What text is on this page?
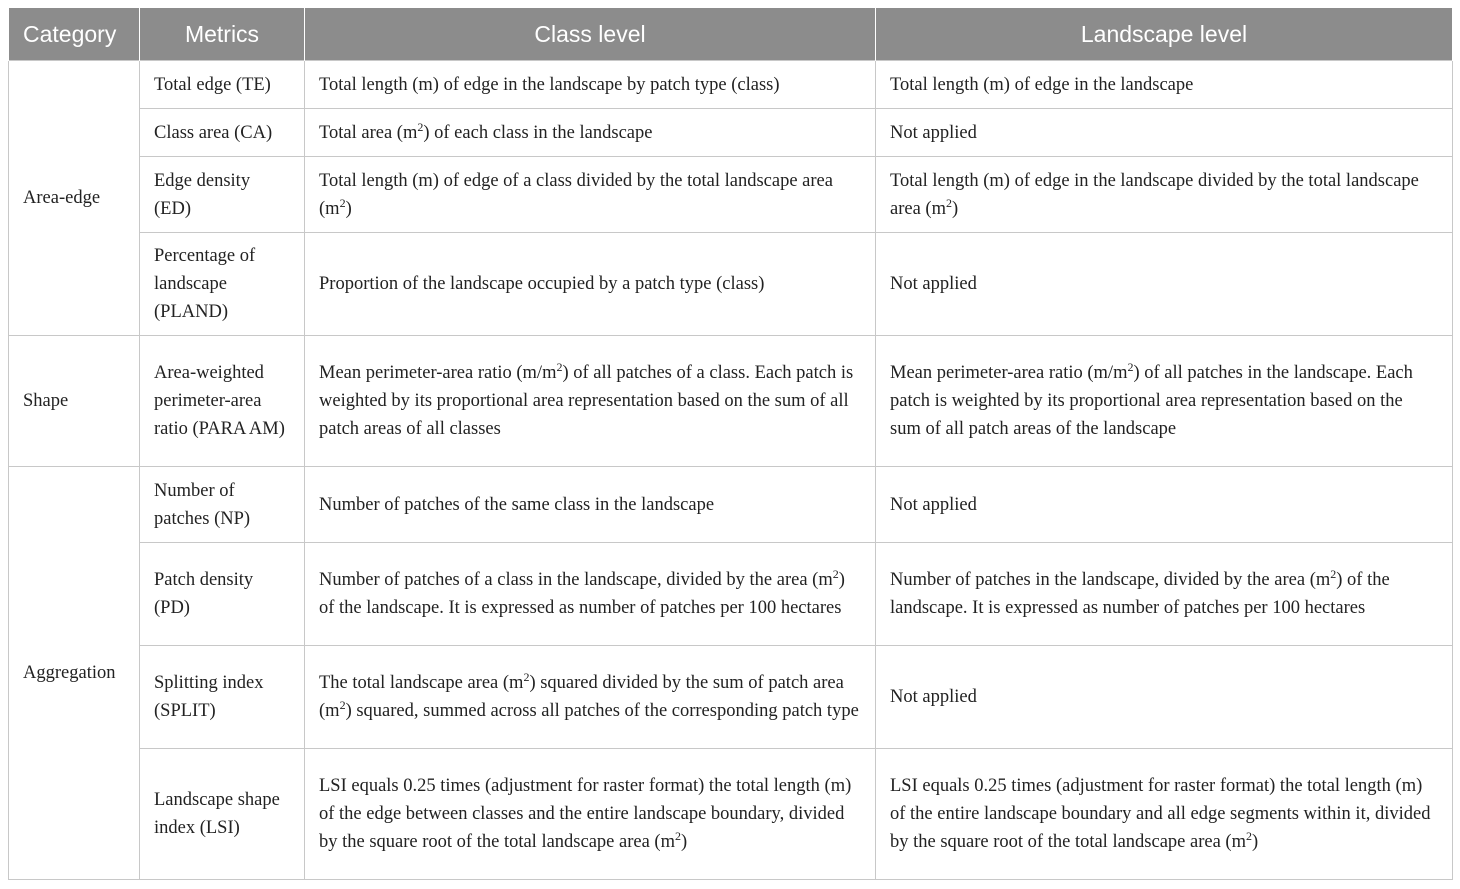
Category	Metrics	Class level	Landscape level
Area-edge	Total edge (TE)	Total length (m) of edge in the landscape by patch type (class)	Total length (m) of edge in the landscape
	Class area (CA)	Total area $(m^2)$ of each class in the landscape	Not applied
	Edge density (ED)	Total length (m) of edge of a class divided by the total landscape area $(m^2)$	Total length (m) of edge in the landscape divided by the total landscape area $(m^2)$
	Percentage of landscape (PLAND)	Proportion of the landscape occupied by a patch type (class)	Not applied
Shape	Area-weighted perimeter-area ratio (PARA AM)	Mean perimeter-area ratio $(m/m^2)$ of all patches of a class. Each patch is weighted by its proportional area representation based on the sum of all patch areas of all classes	Mean perimeter-area ratio $(m/m^2)$ of all patches in the landscape. Each patch is weighted by its proportional area representation based on the sum of all patch areas of the landscape
Aggregation	Number of patches (NP)	Number of patches of the same class in the landscape	Not applied
	Patch density (PD)	Number of patches of a class in the landscape, divided by the area $(m^2)$ of the landscape. It is expressed as number of patches per 100 hectares	Number of patches in the landscape, divided by the area $(m^2)$ of the landscape. It is expressed as number of patches per 100 hectares
	Splitting index (SPLIT)	The total landscape area $(m^2)$ squared divided by the sum of patch area $(m^2)$ squared, summed across all patches of the corresponding patch type	Not applied
	Landscape shape index (LSI)	LSI equals 0.25 times (adjustment for raster format) the total length (m) of the edge between classes and the entire landscape boundary, divided by the square root of the total landscape area $(m^2)$	LSI equals 0.25 times (adjustment for raster format) the total length (m) of the entire landscape boundary and all edge segments within it, divided by the square root of the total landscape area $(m^2)$
